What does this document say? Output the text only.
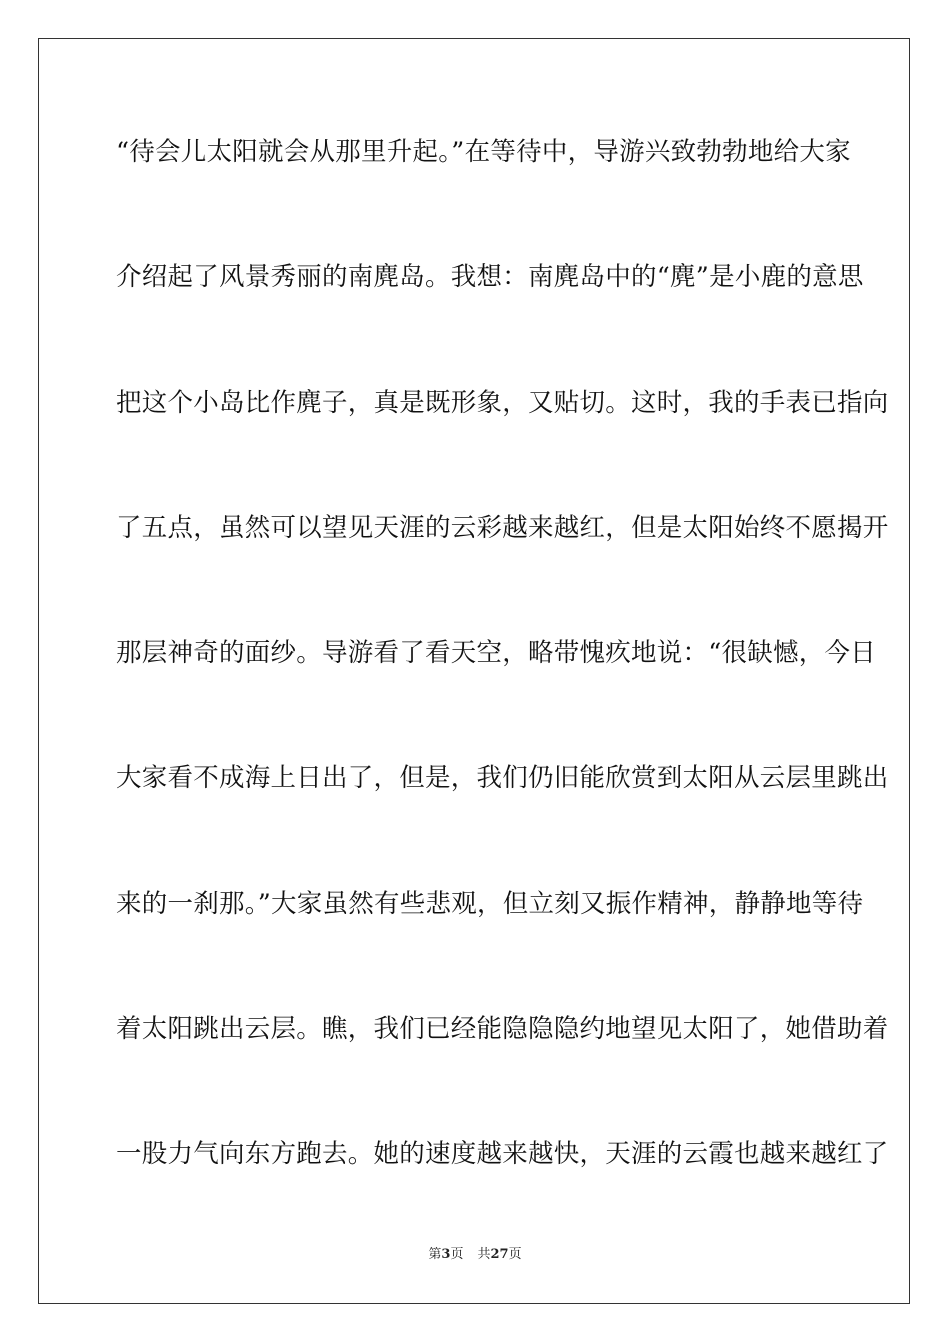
“待会儿太阳就会从那里升起。”在等待中，导游兴致勃勃地给大家
介绍起了风景秀丽的南麂岛。我想：南麂岛中的“麂”是小鹿的意思
把这个小岛比作麂子，真是既形象，又贴切。这时，我的手表已指向
了五点，虽然可以望见天涯的云彩越来越红，但是太阳始终不愿揭开
那层神奇的面纱。导游看了看天空，略带愧疚地说：“很缺憾，今日
大家看不成海上日出了，但是，我们仍旧能欣赏到太阳从云层里跳出
来的一刹那。”大家虽然有些悲观，但立刻又振作精神，静静地等待
着太阳跳出云层。瞧，我们已经能隐隐隐约地望见太阳了，她借助着
一股力气向东方跑去。她的速度越来越快，天涯的云霞也越来越红了
第3页 共27页
